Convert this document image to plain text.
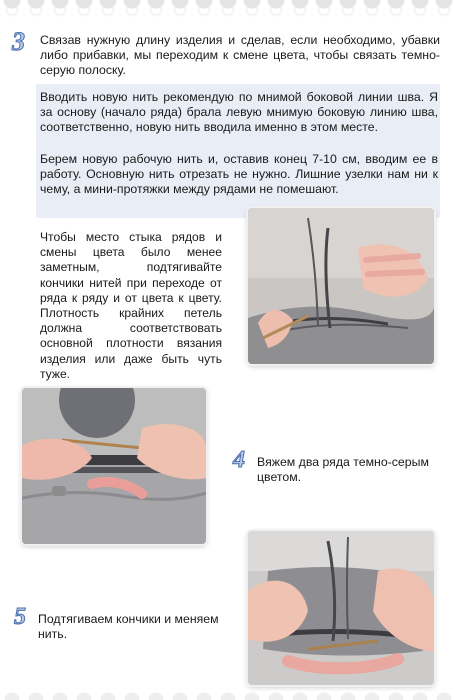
3 Связав нужную длину изделия и сделав, если необходимо, убавки либо прибавки, мы переходим к смене цвета, чтобы связать темно-серую полоску.
Вводить новую нить рекомендую по мнимой боковой линии шва. Я за основу (начало ряда) брала левую мнимую боковую линию шва, соответственно, новую нить вводила именно в этом месте.
Берем новую рабочую нить и, оставив конец 7-10 см, вводим ее в работу. Основную нить отрезать не нужно. Лишние узелки нам ни к чему, а мини-протяжки между рядами не помешают.
Чтобы место стыка рядов и смены цвета было менее заметным, подтягивайте кончики нитей при переходе от ряда к ряду и от цвета к цвету. Плотность крайних петель должна соответствовать основной плотности вязания изделия или даже быть чуть туже.
4 Вяжем два ряда темно-серым цветом.
5 Подтягиваем кончики и меняем нить.
